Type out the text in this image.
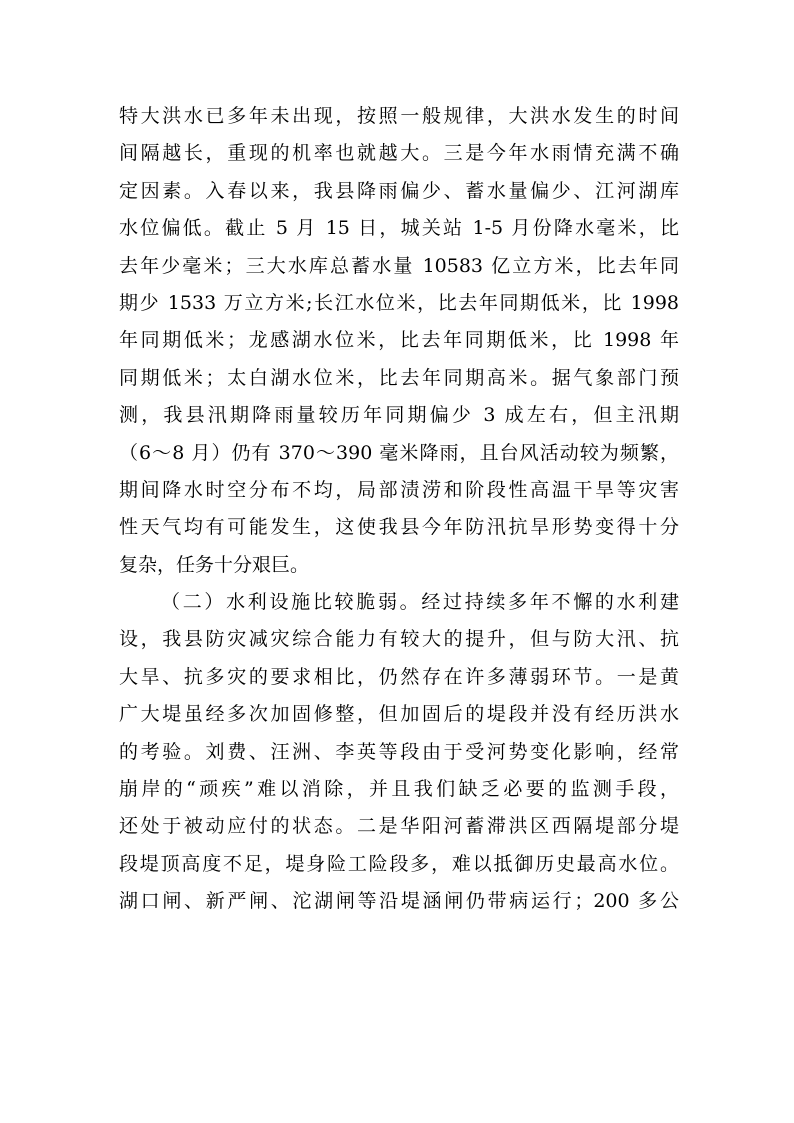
特大洪水已多年未出现，按照一般规律，大洪水发生的时间
间隔越长，重现的机率也就越大。三是今年水雨情充满不确
定因素。入春以来，我县降雨偏少、蓄水量偏少、江河湖库
水位偏低。截止 5 月 15 日，城关站 1-5 月份降水毫米，比
去年少毫米；三大水库总蓄水量 10583 亿立方米，比去年同
期少 1533 万立方米;长江水位米，比去年同期低米，比 1998
年同期低米；龙感湖水位米，比去年同期低米，比 1998 年
同期低米；太白湖水位米，比去年同期高米。据气象部门预
测，我县汛期降雨量较历年同期偏少 3 成左右，但主汛期
（6～8 月）仍有 370～390 毫米降雨，且台风活动较为频繁，
期间降水时空分布不均，局部渍涝和阶段性高温干旱等灾害
性天气均有可能发生，这使我县今年防汛抗旱形势变得十分
复杂，任务十分艰巨。
（二）水利设施比较脆弱。经过持续多年不懈的水利建
设，我县防灾减灾综合能力有较大的提升，但与防大汛、抗
大旱、抗多灾的要求相比，仍然存在许多薄弱环节。一是黄
广大堤虽经多次加固修整，但加固后的堤段并没有经历洪水
的考验。刘费、汪洲、李英等段由于受河势变化影响，经常
崩岸的“顽疾”难以消除，并且我们缺乏必要的监测手段，
还处于被动应付的状态。二是华阳河蓄滞洪区西隔堤部分堤
段堤顶高度不足，堤身险工险段多，难以抵御历史最高水位。
湖口闸、新严闸、沱湖闸等沿堤涵闸仍带病运行；200 多公
